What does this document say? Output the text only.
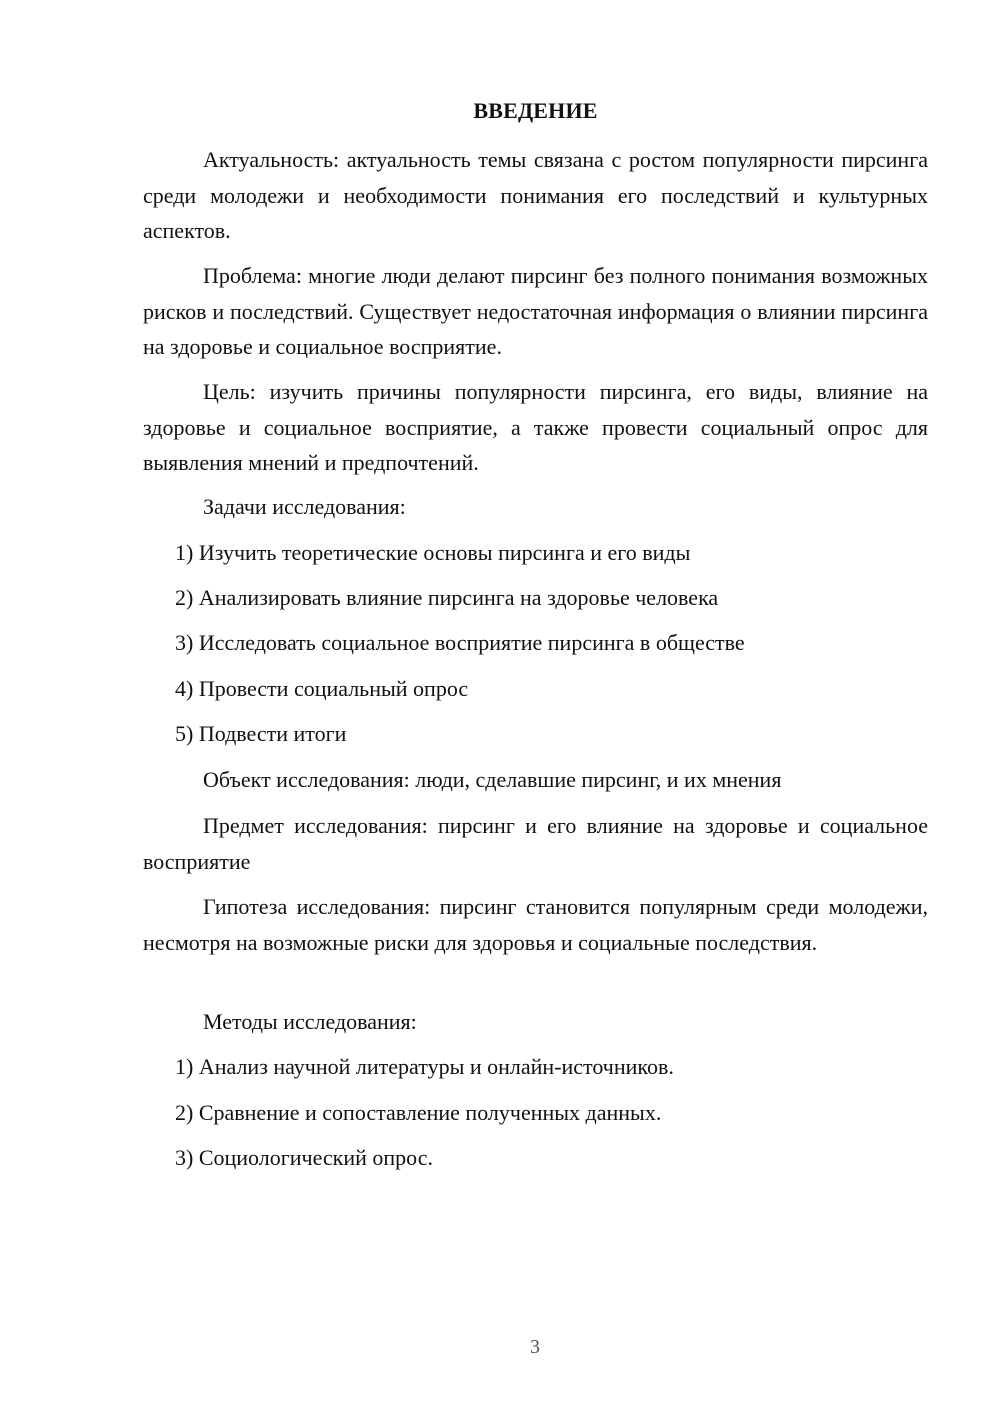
ВВЕДЕНИЕ

Актуальность: актуальность темы связана с ростом популярности пирсинга среди молодежи и необходимости понимания его последствий и культурных аспектов.

Проблема: многие люди делают пирсинг без полного понимания возможных рисков и последствий. Существует недостаточная информация о влиянии пирсинга на здоровье и социальное восприятие.

Цель: изучить причины популярности пирсинга, его виды, влияние на здоровье и социальное восприятие, а также провести социальный опрос для выявления мнений и предпочтений.

Задачи исследования:

1) Изучить теоретические основы пирсинга и его виды

2) Анализировать влияние пирсинга на здоровье человека

3) Исследовать социальное восприятие пирсинга в обществе

4) Провести социальный опрос

5) Подвести итоги

Объект исследования: люди, сделавшие пирсинг, и их мнения

Предмет исследования: пирсинг и его влияние на здоровье и социальное восприятие

Гипотеза исследования: пирсинг становится популярным среди молодежи, несмотря на возможные риски для здоровья и социальные последствия.

Методы исследования:

1) Анализ научной литературы и онлайн-источников.

2) Сравнение и сопоставление полученных данных.

3) Социологический опрос.

3
